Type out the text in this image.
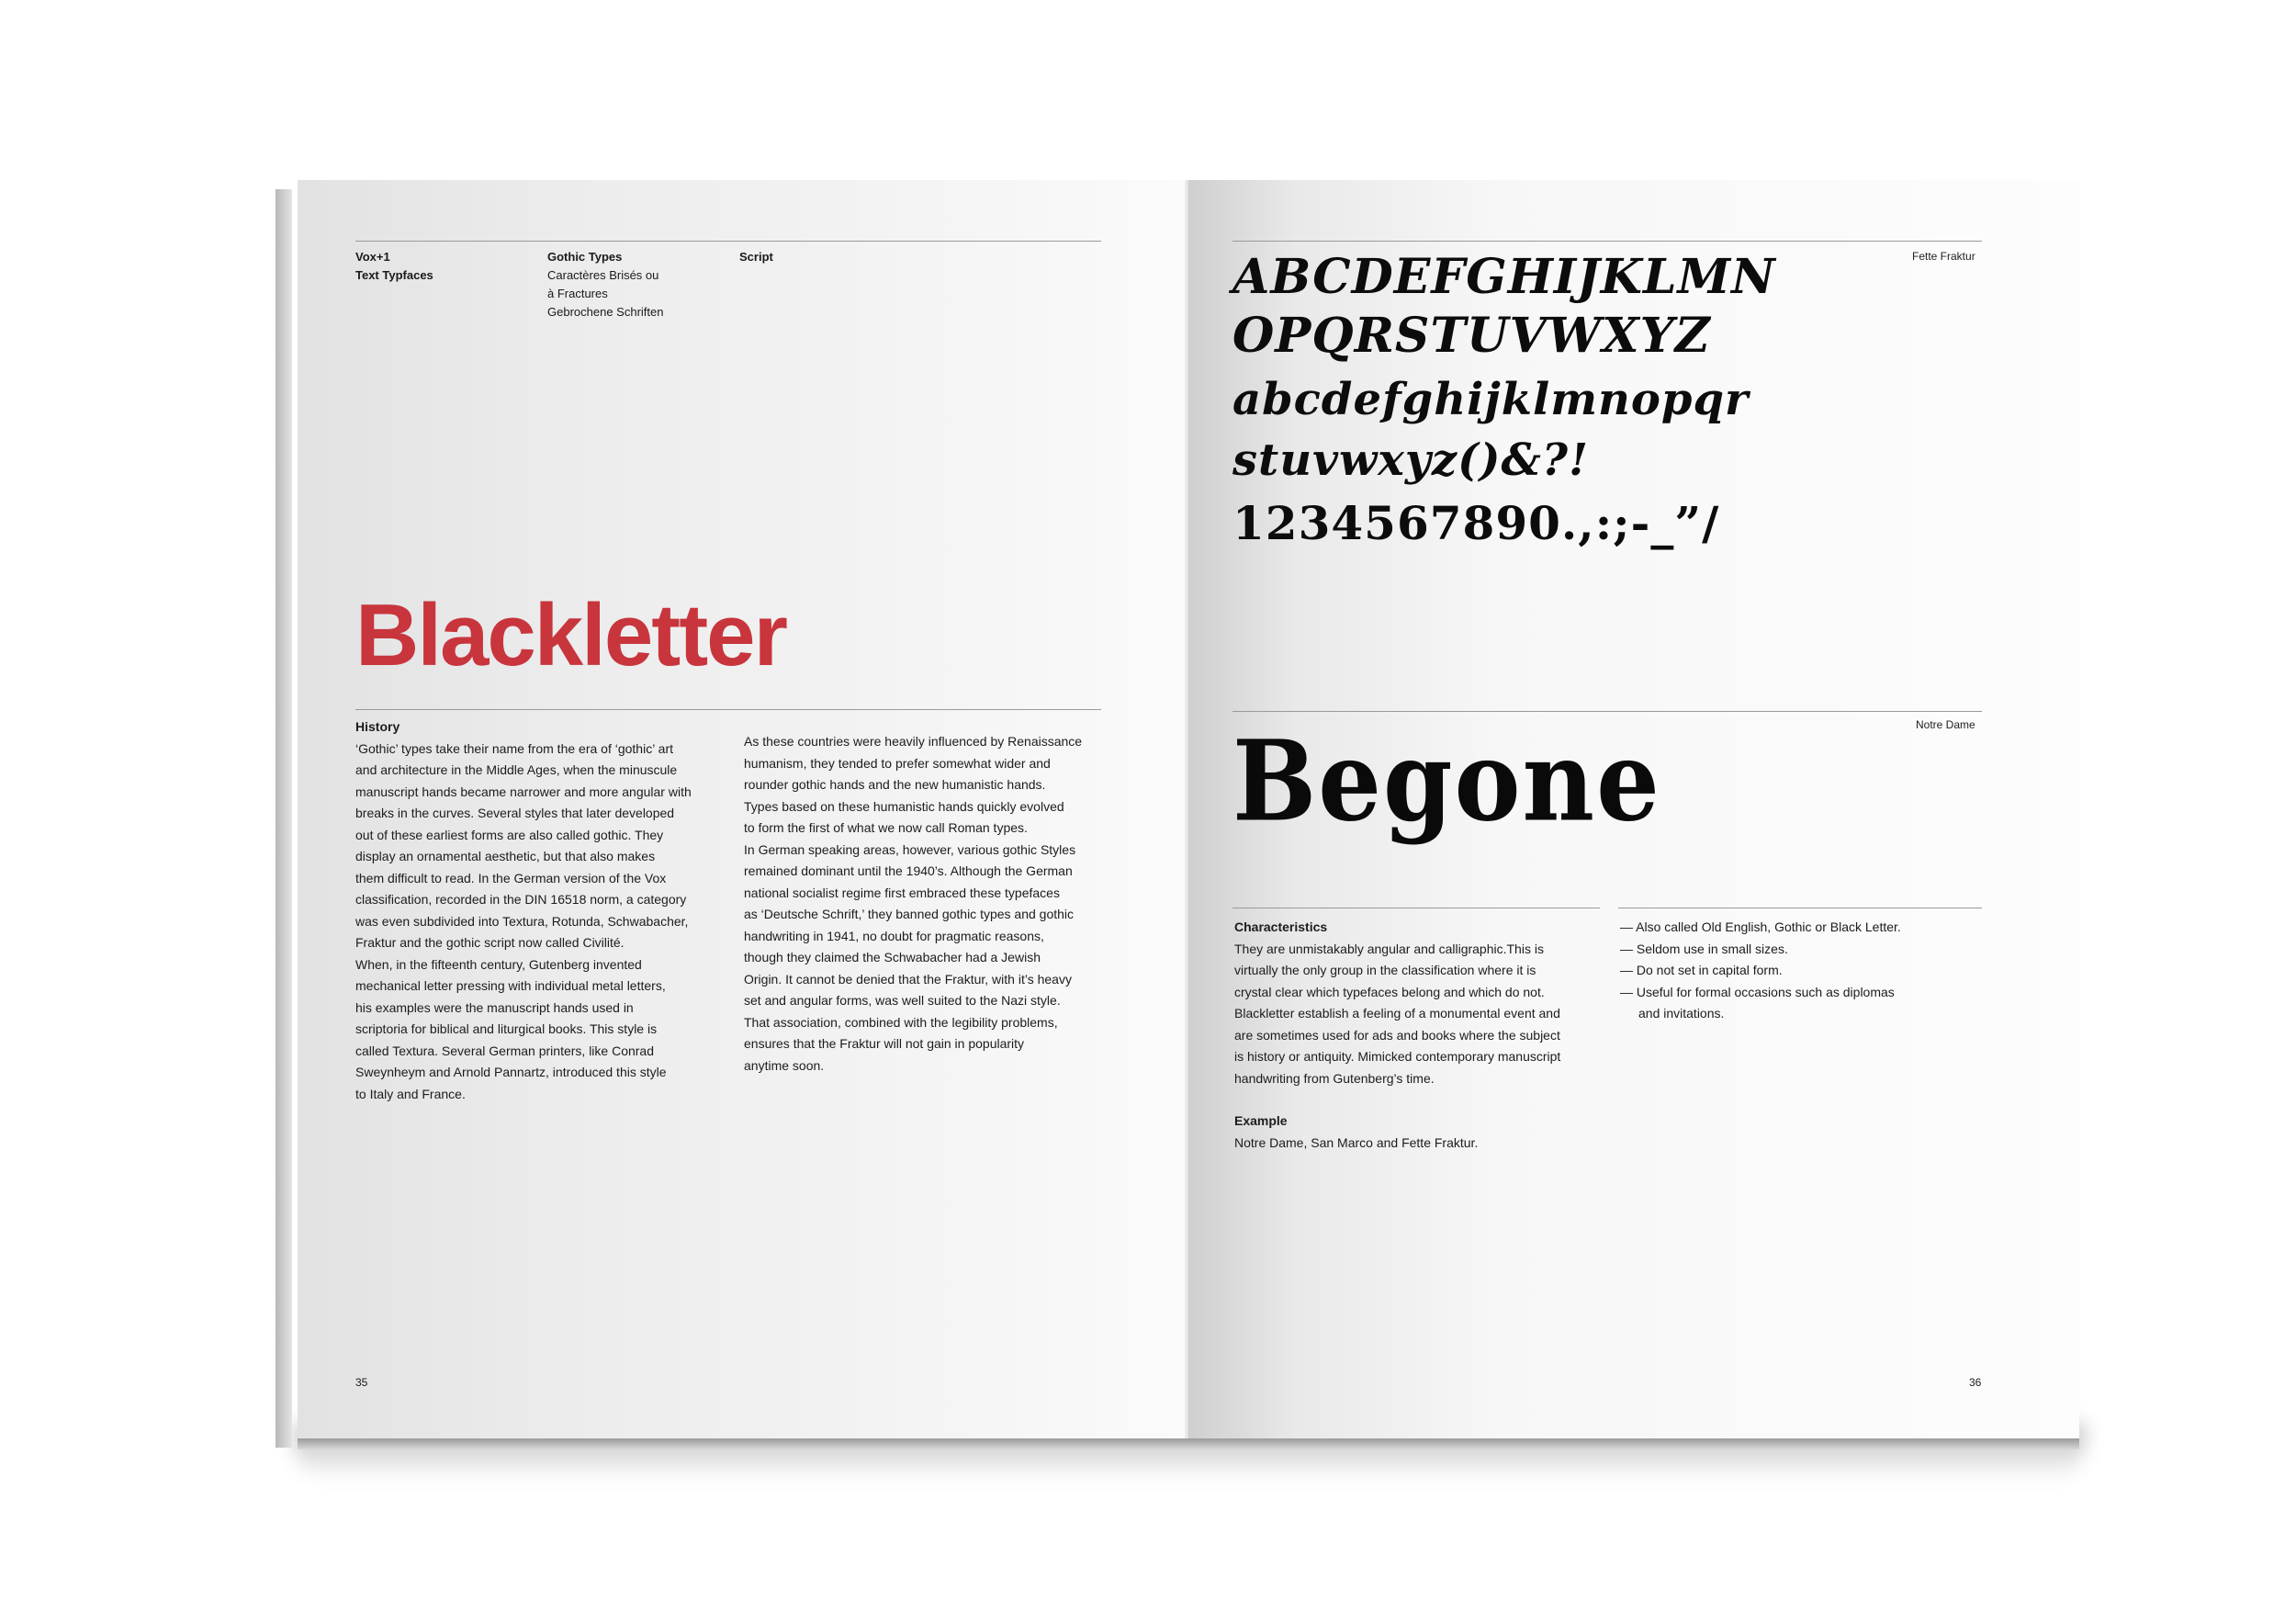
Vox+1
Text Typfaces
Gothic Types
Caractères Brisés ou
à Fractures
Gebrochene Schriften
Script
Blackletter
History
‘Gothic’ types take their name from the era of ‘gothic’ art
and architecture in the Middle Ages, when the minuscule
manuscript hands became narrower and more angular with
breaks in the curves. Several styles that later developed
out of these earliest forms are also called gothic. They
display an ornamental aesthetic, but that also makes
them difficult to read. In the German version of the Vox
classification, recorded in the DIN 16518 norm, a category
was even subdivided into Textura, Rotunda, Schwabacher,
Fraktur and the gothic script now called Civilité.
When, in the fifteenth century, Gutenberg invented
mechanical letter pressing with individual metal letters,
his examples were the manuscript hands used in
scriptoria for biblical and liturgical books. This style is
called Textura. Several German printers, like Conrad
Sweynheym and Arnold Pannartz, introduced this style
to Italy and France.
As these countries were heavily influenced by Renaissance
humanism, they tended to prefer somewhat wider and
rounder gothic hands and the new humanistic hands.
Types based on these humanistic hands quickly evolved
to form the first of what we now call Roman types.
In German speaking areas, however, various gothic Styles
remained dominant until the 1940’s. Although the German
national socialist regime first embraced these typefaces
as ‘Deutsche Schrift,’ they banned gothic types and gothic
handwriting in 1941, no doubt for pragmatic reasons,
though they claimed the Schwabacher had a Jewish
Origin. It cannot be denied that the Fraktur, with it’s heavy
set and angular forms, was well suited to the Nazi style.
That association, combined with the legibility problems,
ensures that the Fraktur will not gain in popularity
anytime soon.
35
Fette Fraktur
ABCDEFGHIJKLMN
OPQRSTUVWXYZ
abcdefghijklmnopqr
stuvwxyz()&?!
1234567890.,:;-_”/
Notre Dame
Begone
Characteristics
They are unmistakably angular and calligraphic.This is
virtually the only group in the classification where it is
crystal clear which typefaces belong and which do not.
Blackletter establish a feeling of a monumental event and
are sometimes used for ads and books where the subject
is history or antiquity. Mimicked contemporary manuscript
handwriting from Gutenberg’s time.
Example
Notre Dame, San Marco and Fette Fraktur.
— Also called Old English, Gothic or Black Letter.
— Seldom use in small sizes.
— Do not set in capital form.
— Useful for formal occasions such as diplomas
and invitations.
36
